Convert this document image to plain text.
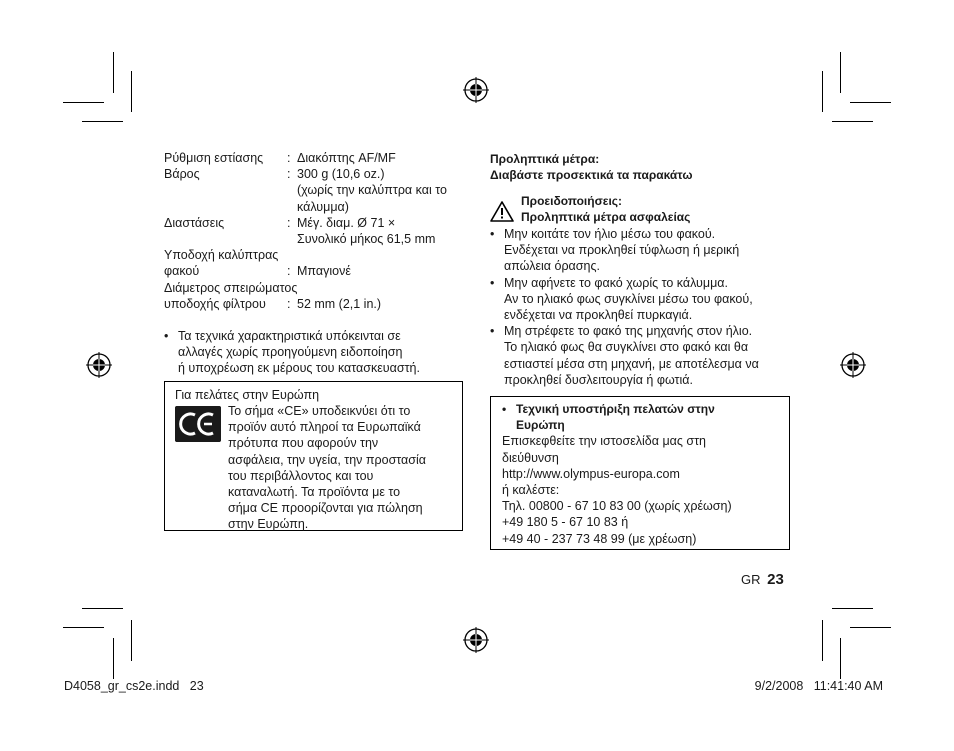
Ρύθμιση εστίασης	: Διακόπτης AF/MF
Βάρος	: 300 g (10,6 oz.)
(χωρίς την καλύπτρα και το
κάλυμμα)
Διαστάσεις	: Μέγ. διαμ. Ø 71 ×
Συνολικό μήκος 61,5 mm
Υποδοχή καλύπτρας
φακού	: Μπαγιονέ
Διάμετρος σπειρώματος
υποδοχής φίλτρου	: 52 mm (2,1 in.)
• Τα τεχνικά χαρακτηριστικά υπόκεινται σε
αλλαγές χωρίς προηγούμενη ειδοποίηση
ή υποχρέωση εκ μέρους του κατασκευαστή.
Για πελάτες στην Ευρώπη
Το σήμα «CE» υποδεικνύει ότι το
προϊόν αυτό πληροί τα Ευρωπαϊκά
πρότυπα που αφορούν την
ασφάλεια, την υγεία, την προστασία
του περιβάλλοντος και του
καταναλωτή. Τα προϊόντα με το
σήμα CE προορίζονται για πώληση
στην Ευρώπη.
Προληπτικά μέτρα:
Διαβάστε προσεκτικά τα παρακάτω
Προειδοποιήσεις:
Προληπτικά μέτρα ασφαλείας
• Μην κοιτάτε τον ήλιο μέσω του φακού.
Ενδέχεται να προκληθεί τύφλωση ή μερική
απώλεια όρασης.
• Μην αφήνετε το φακό χωρίς το κάλυμμα.
Αν το ηλιακό φως συγκλίνει μέσω του φακού,
ενδέχεται να προκληθεί πυρκαγιά.
• Μη στρέφετε το φακό της μηχανής στον ήλιο.
Το ηλιακό φως θα συγκλίνει στο φακό και θα
εστιαστεί μέσα στη μηχανή, με αποτέλεσμα να
προκληθεί δυσλειτουργία ή φωτιά.
• Τεχνική υποστήριξη πελατών στην
Ευρώπη
Επισκεφθείτε την ιστοσελίδα μας στη
διεύθυνση
http://www.olympus-europa.com
ή καλέστε:
Τηλ. 00800 - 67 10 83 00 (χωρίς χρέωση)
+49 180 5 - 67 10 83 ή
+49 40 - 237 73 48 99 (με χρέωση)
GR 23
D4058_gr_cs2e.indd   23	9/2/2008   11:41:40 AM
